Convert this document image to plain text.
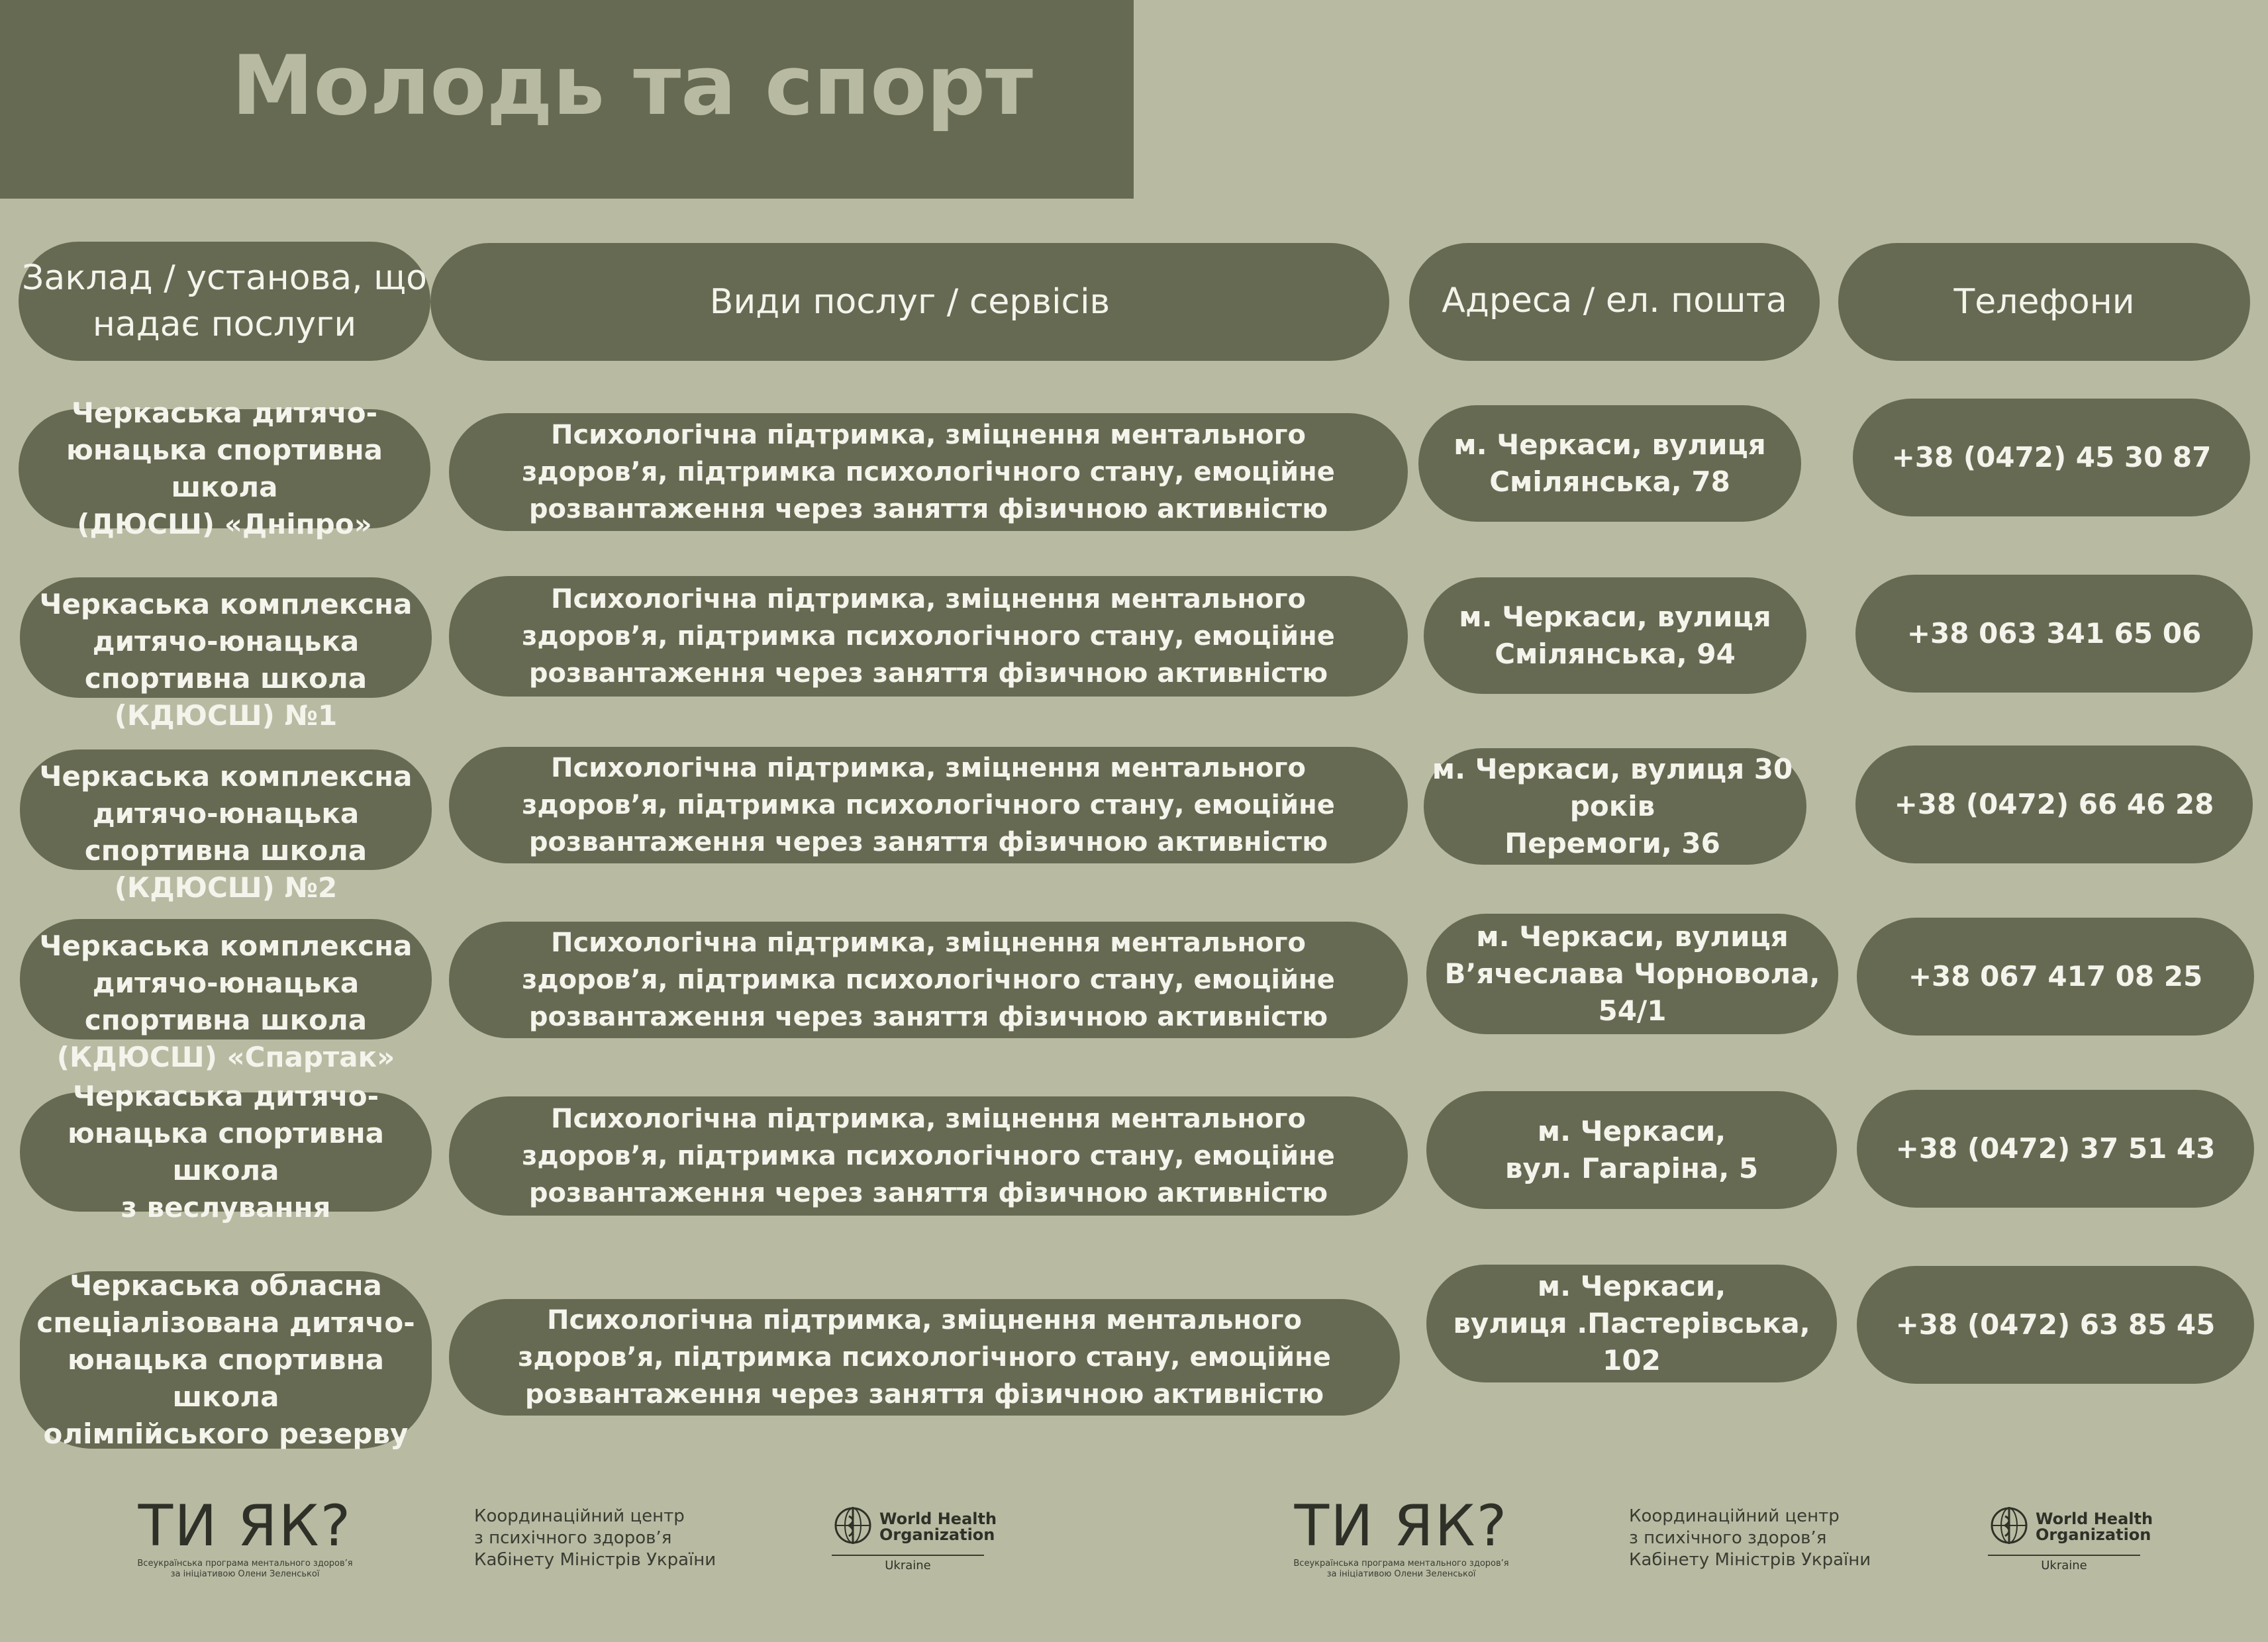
Молодь та спорт
Заклад / установа, що
надає послуги
Види послуг / сервісів	Адреса / ел. пошта	Телефони
Черкаська дитячо-
юнацька спортивна школа
(ДЮСШ) «Дніпро»
Психологічна підтримка, зміцнення ментального
здоров’я, підтримка психологічного стану, емоційне
розвантаження через заняття фізичною активністю
м. Черкаси, вулиця
Смілянська, 78
+38 (0472) 45 30 87
Черкаська комплексна
дитячо-юнацька
спортивна школа
(КДЮСШ) №1
Психологічна підтримка, зміцнення ментального
здоров’я, підтримка психологічного стану, емоційне
розвантаження через заняття фізичною активністю
м. Черкаси, вулиця
Смілянська, 94
+38 063 341 65 06
Черкаська комплексна
дитячо-юнацька
спортивна школа
(КДЮСШ) №2
Психологічна підтримка, зміцнення ментального
здоров’я, підтримка психологічного стану, емоційне
розвантаження через заняття фізичною активністю
м. Черкаси, вулиця 30 років
Перемоги, 36
+38 (0472) 66 46 28
Черкаська комплексна
дитячо-юнацька
спортивна школа
(КДЮСШ) «Спартак»
Психологічна підтримка, зміцнення ментального
здоров’я, підтримка психологічного стану, емоційне
розвантаження через заняття фізичною активністю
м. Черкаси, вулиця
В’ячеслава Чорновола, 54/1
+38 067 417 08 25
Черкаська дитячо-
юнацька спортивна школа
з веслування
Психологічна підтримка, зміцнення ментального
здоров’я, підтримка психологічного стану, емоційне
розвантаження через заняття фізичною активністю
м. Черкаси,
вул. Гагаріна, 5
+38 (0472) 37 51 43
Черкаська обласна
спеціалізована дитячо-
юнацька спортивна школа
олімпійського резерву
Психологічна підтримка, зміцнення ментального
здоров’я, підтримка психологічного стану, емоційне
розвантаження через заняття фізичною активністю
м. Черкаси,
вулиця .Пастерівська, 102
+38 (0472) 63 85 45
ТИ ЯК?
Всеукраїнська програма ментального здоров’я
за ініціативою Олени Зеленської
Координаційний центр
з психічного здоров’я
Кабінету Міністрів України
World Health
Organization
Ukraine
ТИ ЯК?
Всеукраїнська програма ментального здоров’я
за ініціативою Олени Зеленської
Координаційний центр
з психічного здоров’я
Кабінету Міністрів України
World Health
Organization
Ukraine
